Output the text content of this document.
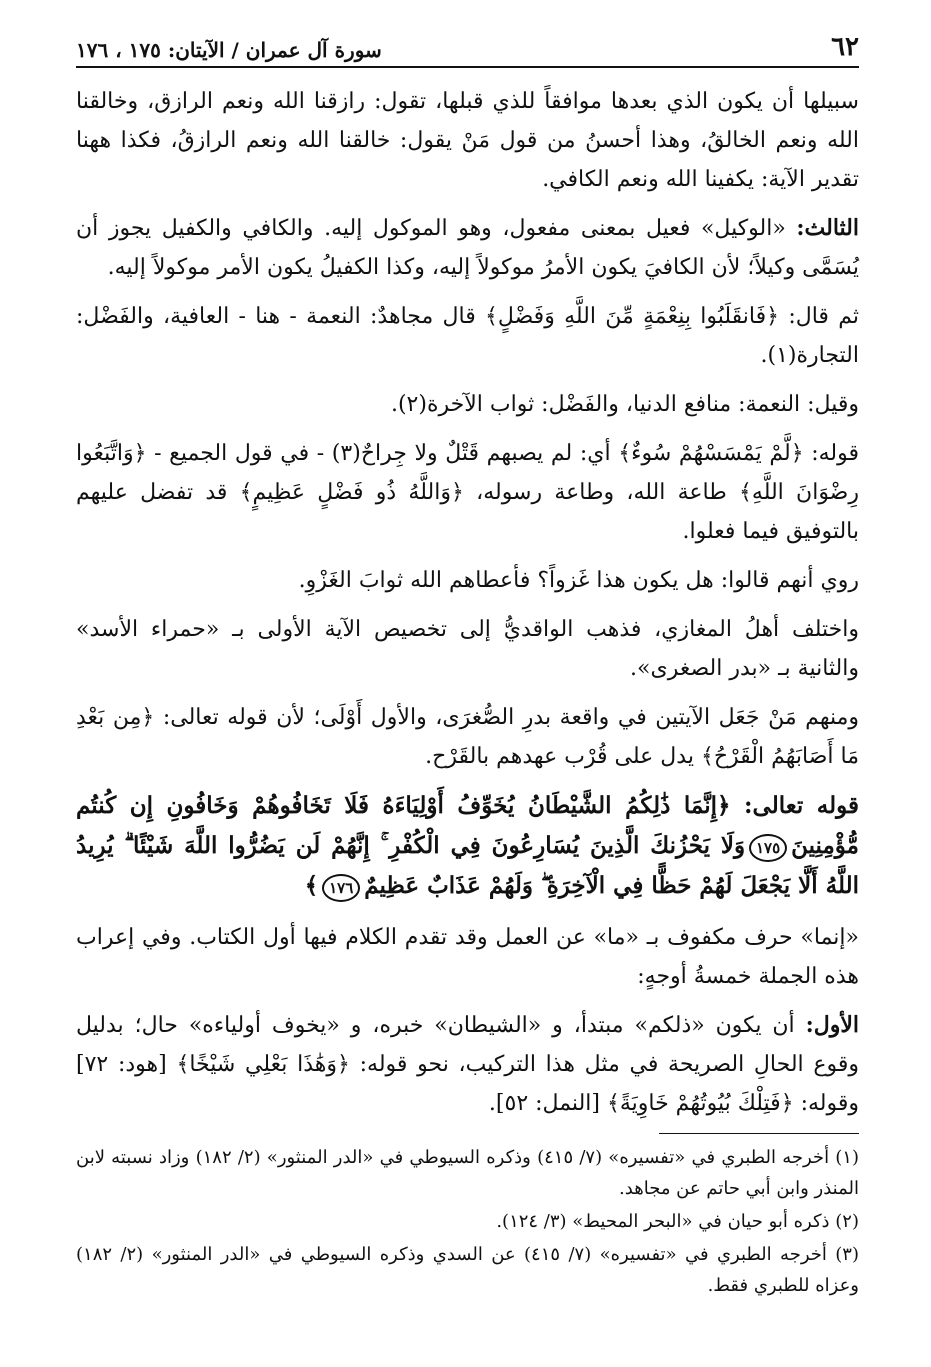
٦٢
سورة آل عمران / الآيتان: ١٧٥ ، ١٧٦

سبيلها أن يكون الذي بعدها موافقاً للذي قبلها، تقول: رازقنا الله ونعم الرازق، وخالقنا الله ونعم الخالقُ، وهذا أحسنُ من قول مَنْ يقول: خالقنا الله ونعم الرازقُ، فكذا ههنا تقدير الآية: يكفينا الله ونعم الكافي.

الثالث: «الوكيل» فعيل بمعنى مفعول، وهو الموكول إليه. والكافي والكفيل يجوز أن يُسَمَّى وكيلاً؛ لأن الكافيَ يكون الأمرُ موكولاً إليه، وكذا الكفيلُ يكون الأمر موكولاً إليه.

ثم قال: ﴿فَانقَلَبُوا بِنِعْمَةٍ مِّنَ اللَّهِ وَفَضْلٍ﴾ قال مجاهدٌ: النعمة - هنا - العافية، والفَضْل: التجارة(١).

وقيل: النعمة: منافع الدنيا، والفَضْل: ثواب الآخرة(٢).

قوله: ﴿لَّمْ يَمْسَسْهُمْ سُوءٌ﴾ أي: لم يصبهم قَتْلٌ ولا جِراحٌ(٣) - في قول الجميع - ﴿وَاتَّبَعُوا رِضْوَانَ اللَّهِ﴾ طاعة الله، وطاعة رسوله، ﴿وَاللَّهُ ذُو فَضْلٍ عَظِيمٍ﴾ قد تفضل عليهم بالتوفيق فيما فعلوا.

روي أنهم قالوا: هل يكون هذا غَزواً؟ فأعطاهم الله ثوابَ الغَزْوِ.

واختلف أهلُ المغازي، فذهب الواقديُّ إلى تخصيص الآية الأولى بـ «حمراء الأسد» والثانية بـ «بدر الصغرى».

ومنهم مَنْ جَعَل الآيتين في واقعة بدرِ الصُّغرَى، والأول أَوْلَى؛ لأن قوله تعالى: ﴿مِن بَعْدِ مَا أَصَابَهُمُ الْقَرْحُ﴾ يدل على قُرْب عهدهم بالقَرْح.

قوله تعالى: ﴿إِنَّمَا ذَٰلِكُمُ الشَّيْطَانُ يُخَوِّفُ أَوْلِيَاءَهُ فَلَا تَخَافُوهُمْ وَخَافُونِ إِن كُنتُم مُّؤْمِنِينَ١٧٥وَلَا يَحْزُنكَ الَّذِينَ يُسَارِعُونَ فِي الْكُفْرِ ۚ إِنَّهُمْ لَن يَضُرُّوا اللَّهَ شَيْئًا ۗ يُرِيدُ اللَّهُ أَلَّا يَجْعَلَ لَهُمْ حَظًّا فِي الْآخِرَةِ ۖ وَلَهُمْ عَذَابٌ عَظِيمٌ١٧٦﴾

«إنما» حرف مكفوف بـ «ما» عن العمل وقد تقدم الكلام فيها أول الكتاب. وفي إعراب هذه الجملة خمسةُ أوجهٍ:

الأول: أن يكون «ذلكم» مبتدأ، و «الشيطان» خبره، و «يخوف أولياءه» حال؛ بدليل وقوع الحالِ الصريحة في مثل هذا التركيب، نحو قوله: ﴿وَهَٰذَا بَعْلِي شَيْخًا﴾ [هود: ٧٢] وقوله: ﴿فَتِلْكَ بُيُوتُهُمْ خَاوِيَةً﴾ [النمل: ٥٢].

(١) أخرجه الطبري في «تفسيره» (٧/ ٤١٥) وذكره السيوطي في «الدر المنثور» (٢/ ١٨٢) وزاد نسبته لابن المنذر وابن أبي حاتم عن مجاهد.

(٢) ذكره أبو حيان في «البحر المحيط» (٣/ ١٢٤).

(٣) أخرجه الطبري في «تفسيره» (٧/ ٤١٥) عن السدي وذكره السيوطي في «الدر المنثور» (٢/ ١٨٢) وعزاه للطبري فقط.
